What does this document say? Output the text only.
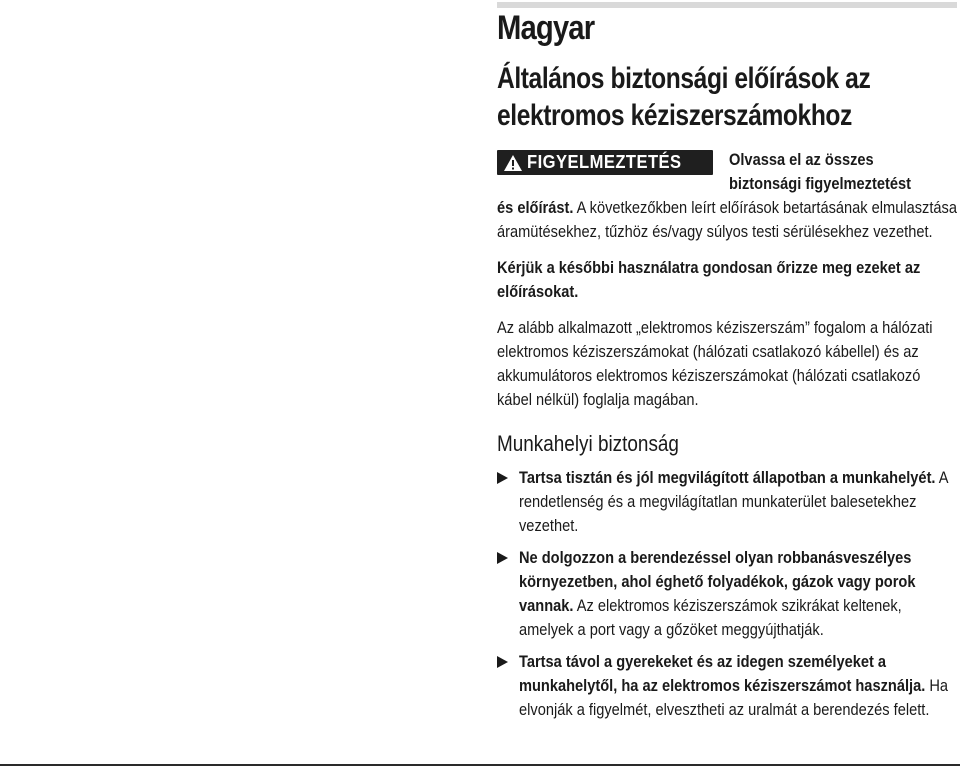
Magyar
Általános biztonsági előírások az elektromos kéziszerszámokhoz
FIGYELMEZTETÉS	Olvassa el az összes biztonsági figyelmeztetést

és előírást. A következőkben leírt előírások betartásának elmulasztása áramütésekhez, tűzhöz és/vagy súlyos testi sérülésekhez vezethet.

Kérjük a későbbi használatra gondosan őrizze meg ezeket az előírásokat.

Az alább alkalmazott „elektromos kéziszerszám” fogalom a hálózati elektromos kéziszerszámokat (hálózati csatlakozó kábellel) és az akkumulátoros elektromos kéziszerszámokat (hálózati csatlakozó kábel nélkül) foglalja magában.

Munkahelyi biztonság

Tartsa tisztán és jól megvilágított állapotban a munkahelyét. A rendetlenség és a megvilágítatlan munkaterület balesetekhez vezethet.

Ne dolgozzon a berendezéssel olyan robbanásveszélyes környezetben, ahol éghető folyadékok, gázok vagy porok vannak. Az elektromos kéziszerszámok szikrákat keltenek, amelyek a port vagy a gőzöket meggyújthatják.

Tartsa távol a gyerekeket és az idegen személyeket a munkahelytől, ha az elektromos kéziszerszámot használja. Ha elvonják a figyelmét, elvesztheti az uralmát a berendezés felett.
